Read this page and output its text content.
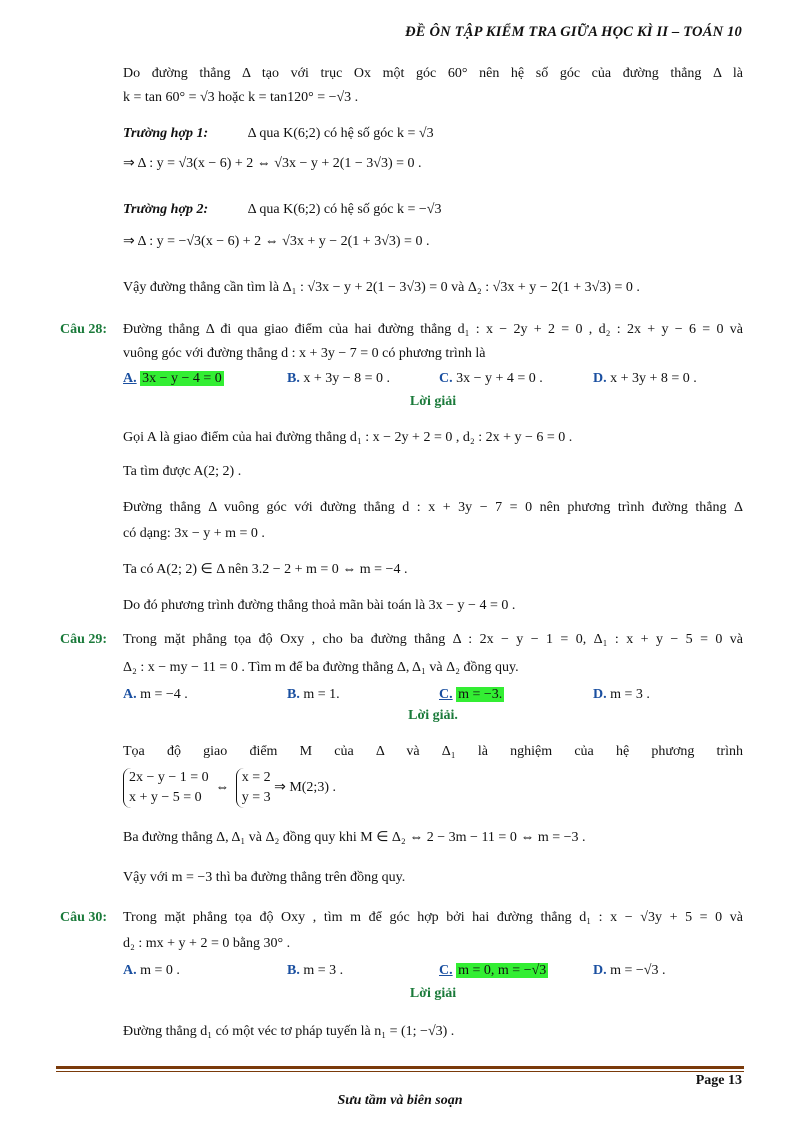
ĐỀ ÔN TẬP KIỂM TRA GIỮA HỌC KÌ II – TOÁN 10
Do đường thẳng Δ tạo với trục Ox một góc 60° nên hệ số góc của đường thẳng Δ là
k = tan 60° = √3 hoặc k = tan120° = −√3 .
Trường hợp 1:	Δ qua K(6;2) có hệ số góc k = √3
⇒ Δ : y = √3(x − 6) + 2 ⇔ √3x − y + 2(1 − 3√3) = 0 .
Trường hợp 2:	Δ qua K(6;2) có hệ số góc k = −√3
⇒ Δ : y = −√3(x − 6) + 2 ⇔ √3x + y − 2(1 + 3√3) = 0 .
Vậy đường thẳng cần tìm là Δ₁ : √3x − y + 2(1 − 3√3) = 0 và Δ₂ : √3x + y − 2(1 + 3√3) = 0 .
Câu 28: Đường thẳng Δ đi qua giao điểm của hai đường thẳng d₁ : x − 2y + 2 = 0 , d₂ : 2x + y − 6 = 0 và
vuông góc với đường thẳng d : x + 3y − 7 = 0 có phương trình là
A. 3x − y − 4 = 0	B. x + 3y − 8 = 0 .	C. 3x − y + 4 = 0 .	D. x + 3y + 8 = 0 .
Lời giải
Gọi A là giao điểm của hai đường thẳng d₁ : x − 2y + 2 = 0 , d₂ : 2x + y − 6 = 0 .
Ta tìm được A(2; 2) .
Đường thẳng Δ vuông góc với đường thẳng d : x + 3y − 7 = 0 nên phương trình đường thẳng Δ
có dạng: 3x − y + m = 0 .
Ta có A(2; 2) ∈ Δ nên 3.2 − 2 + m = 0 ⇔ m = −4 .
Do đó phương trình đường thẳng thoả mãn bài toán là 3x − y − 4 = 0 .
Câu 29: Trong mặt phẳng tọa độ Oxy , cho ba đường thẳng Δ : 2x − y − 1 = 0, Δ₁ : x + y − 5 = 0 và
Δ₂ : x − my − 11 = 0 . Tìm m để ba đường thẳng Δ, Δ₁ và Δ₂ đồng quy.
A. m = −4 .	B. m = 1.	C. m = −3.	D. m = 3 .
Lời giải.
Tọa độ giao điểm M của Δ và Δ₁ là nghiệm của hệ phương trình
2x − y − 1 = 0
x + y − 5 = 0
⇔
x = 2
y = 3
⇒ M(2;3) .
Ba đường thẳng Δ, Δ₁ và Δ₂ đồng quy khi M ∈ Δ₂ ⇔ 2 − 3m − 11 = 0 ⇔ m = −3 .
Vậy với m = −3 thì ba đường thẳng trên đồng quy.
Câu 30: Trong mặt phẳng tọa độ Oxy , tìm m để góc hợp bởi hai đường thẳng d₁ : x − √3y + 5 = 0 và
d₂ : mx + y + 2 = 0 bằng 30° .
A. m = 0 .	B. m = 3 .	C. m = 0, m = −√3	D. m = −√3 .
Lời giải
Đường thẳng d₁ có một véc tơ pháp tuyến là n₁ = (1; −√3) .
Page 13
Sưu tầm và biên soạn
